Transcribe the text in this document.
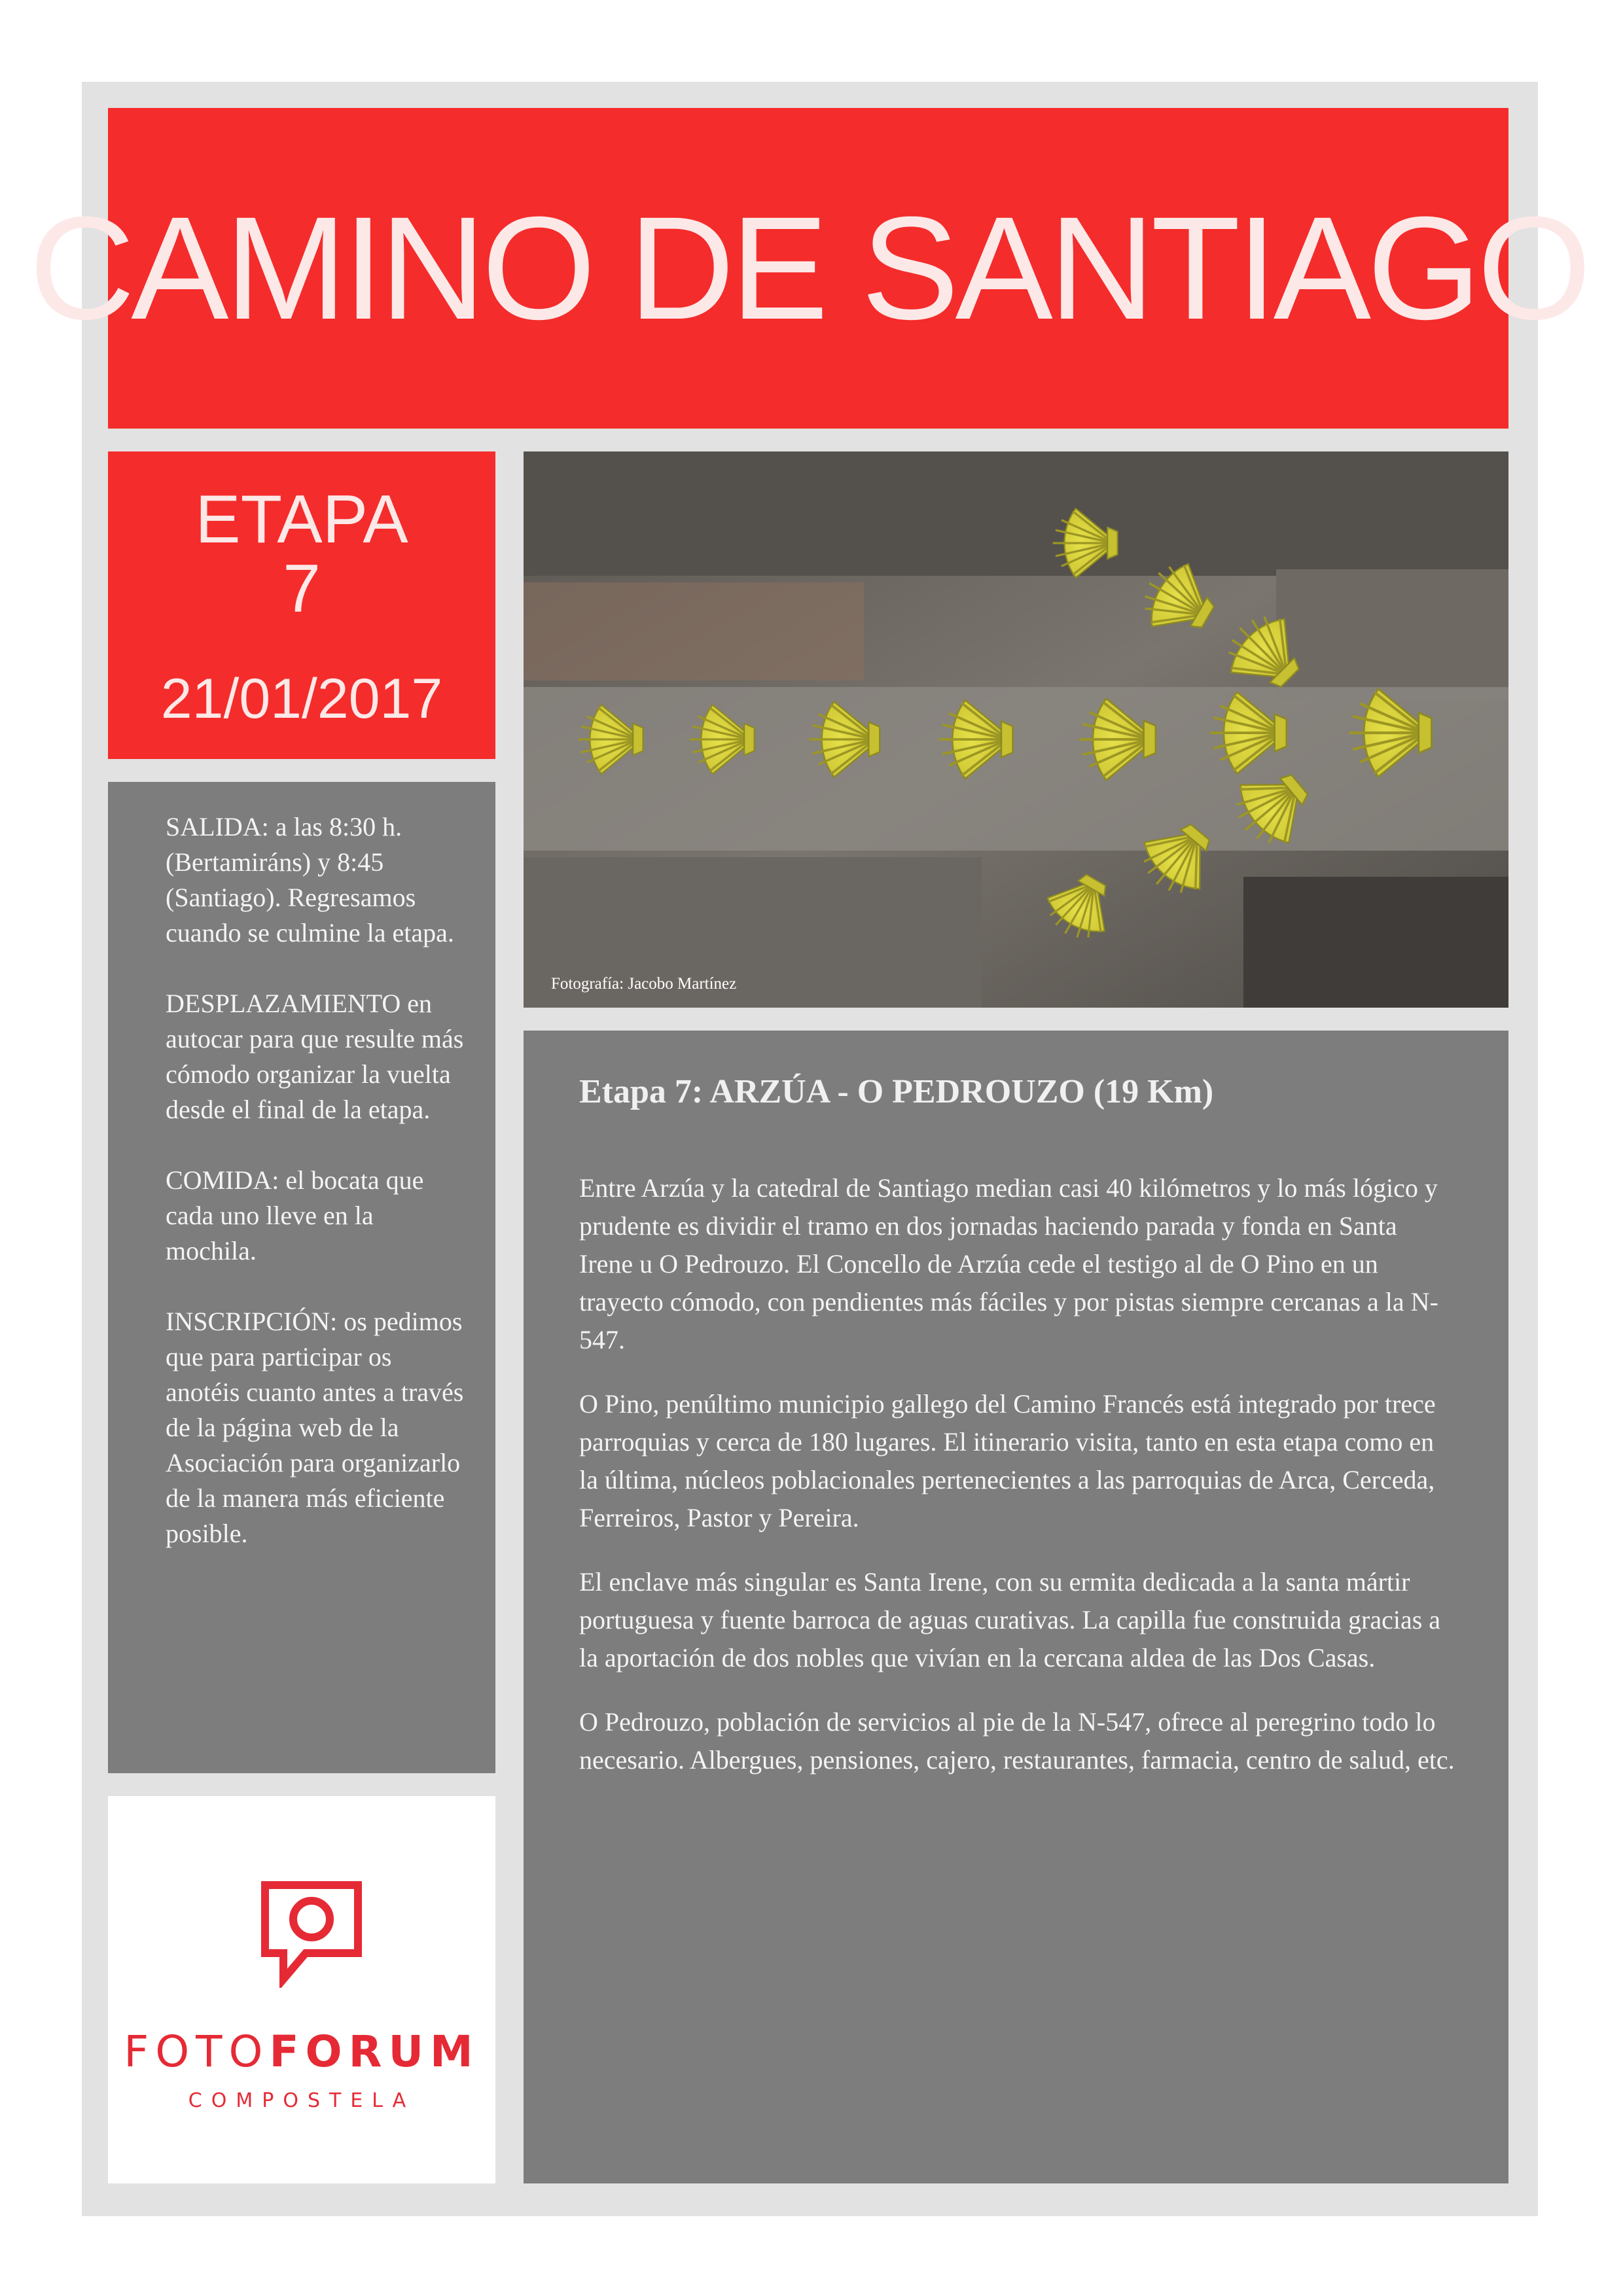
CAMINO DE SANTIAGO
ETAPA
7
21/01/2017

SALIDA: a las 8:30 h. (Bertamiráns) y 8:45 (Santiago). Regresamos cuando se culmine la etapa.

DESPLAZAMIENTO en autocar para que resulte más cómodo organizar la vuelta desde el final de la etapa.

COMIDA: el bocata que cada uno lleve en la mochila.

INSCRIPCIÓN: os pedimos que para participar os anotéis cuanto antes a través de la página web de la Asociación para organizarlo de la manera más eficiente posible.

FOTOFORUM
COMPOSTELA
Fotografía: Jacobo Martínez
Etapa 7: ARZÚA - O PEDROUZO (19 Km)

Entre Arzúa y la catedral de Santiago median casi 40 kilómetros y lo más lógico y prudente es dividir el tramo en dos jornadas haciendo parada y fonda en Santa Irene u O Pedrouzo. El Concello de Arzúa cede el testigo al de O Pino en un trayecto cómodo, con pendientes más fáciles y por pistas siempre cercanas a la N-547.

O Pino, penúltimo municipio gallego del Camino Francés está integrado por trece parroquias y cerca de 180 lugares. El itinerario visita, tanto en esta etapa como en la última, núcleos poblacionales pertenecientes a las parroquias de Arca, Cerceda, Ferreiros, Pastor y Pereira.

El enclave más singular es Santa Irene, con su ermita dedicada a la santa mártir portuguesa y fuente barroca de aguas curativas. La capilla fue construida gracias a la aportación de dos nobles que vivían en la cercana aldea de las Dos Casas.

O Pedrouzo, población de servicios al pie de la N-547, ofrece al peregrino todo lo necesario. Albergues, pensiones, cajero, restaurantes, farmacia, centro de salud, etc.
